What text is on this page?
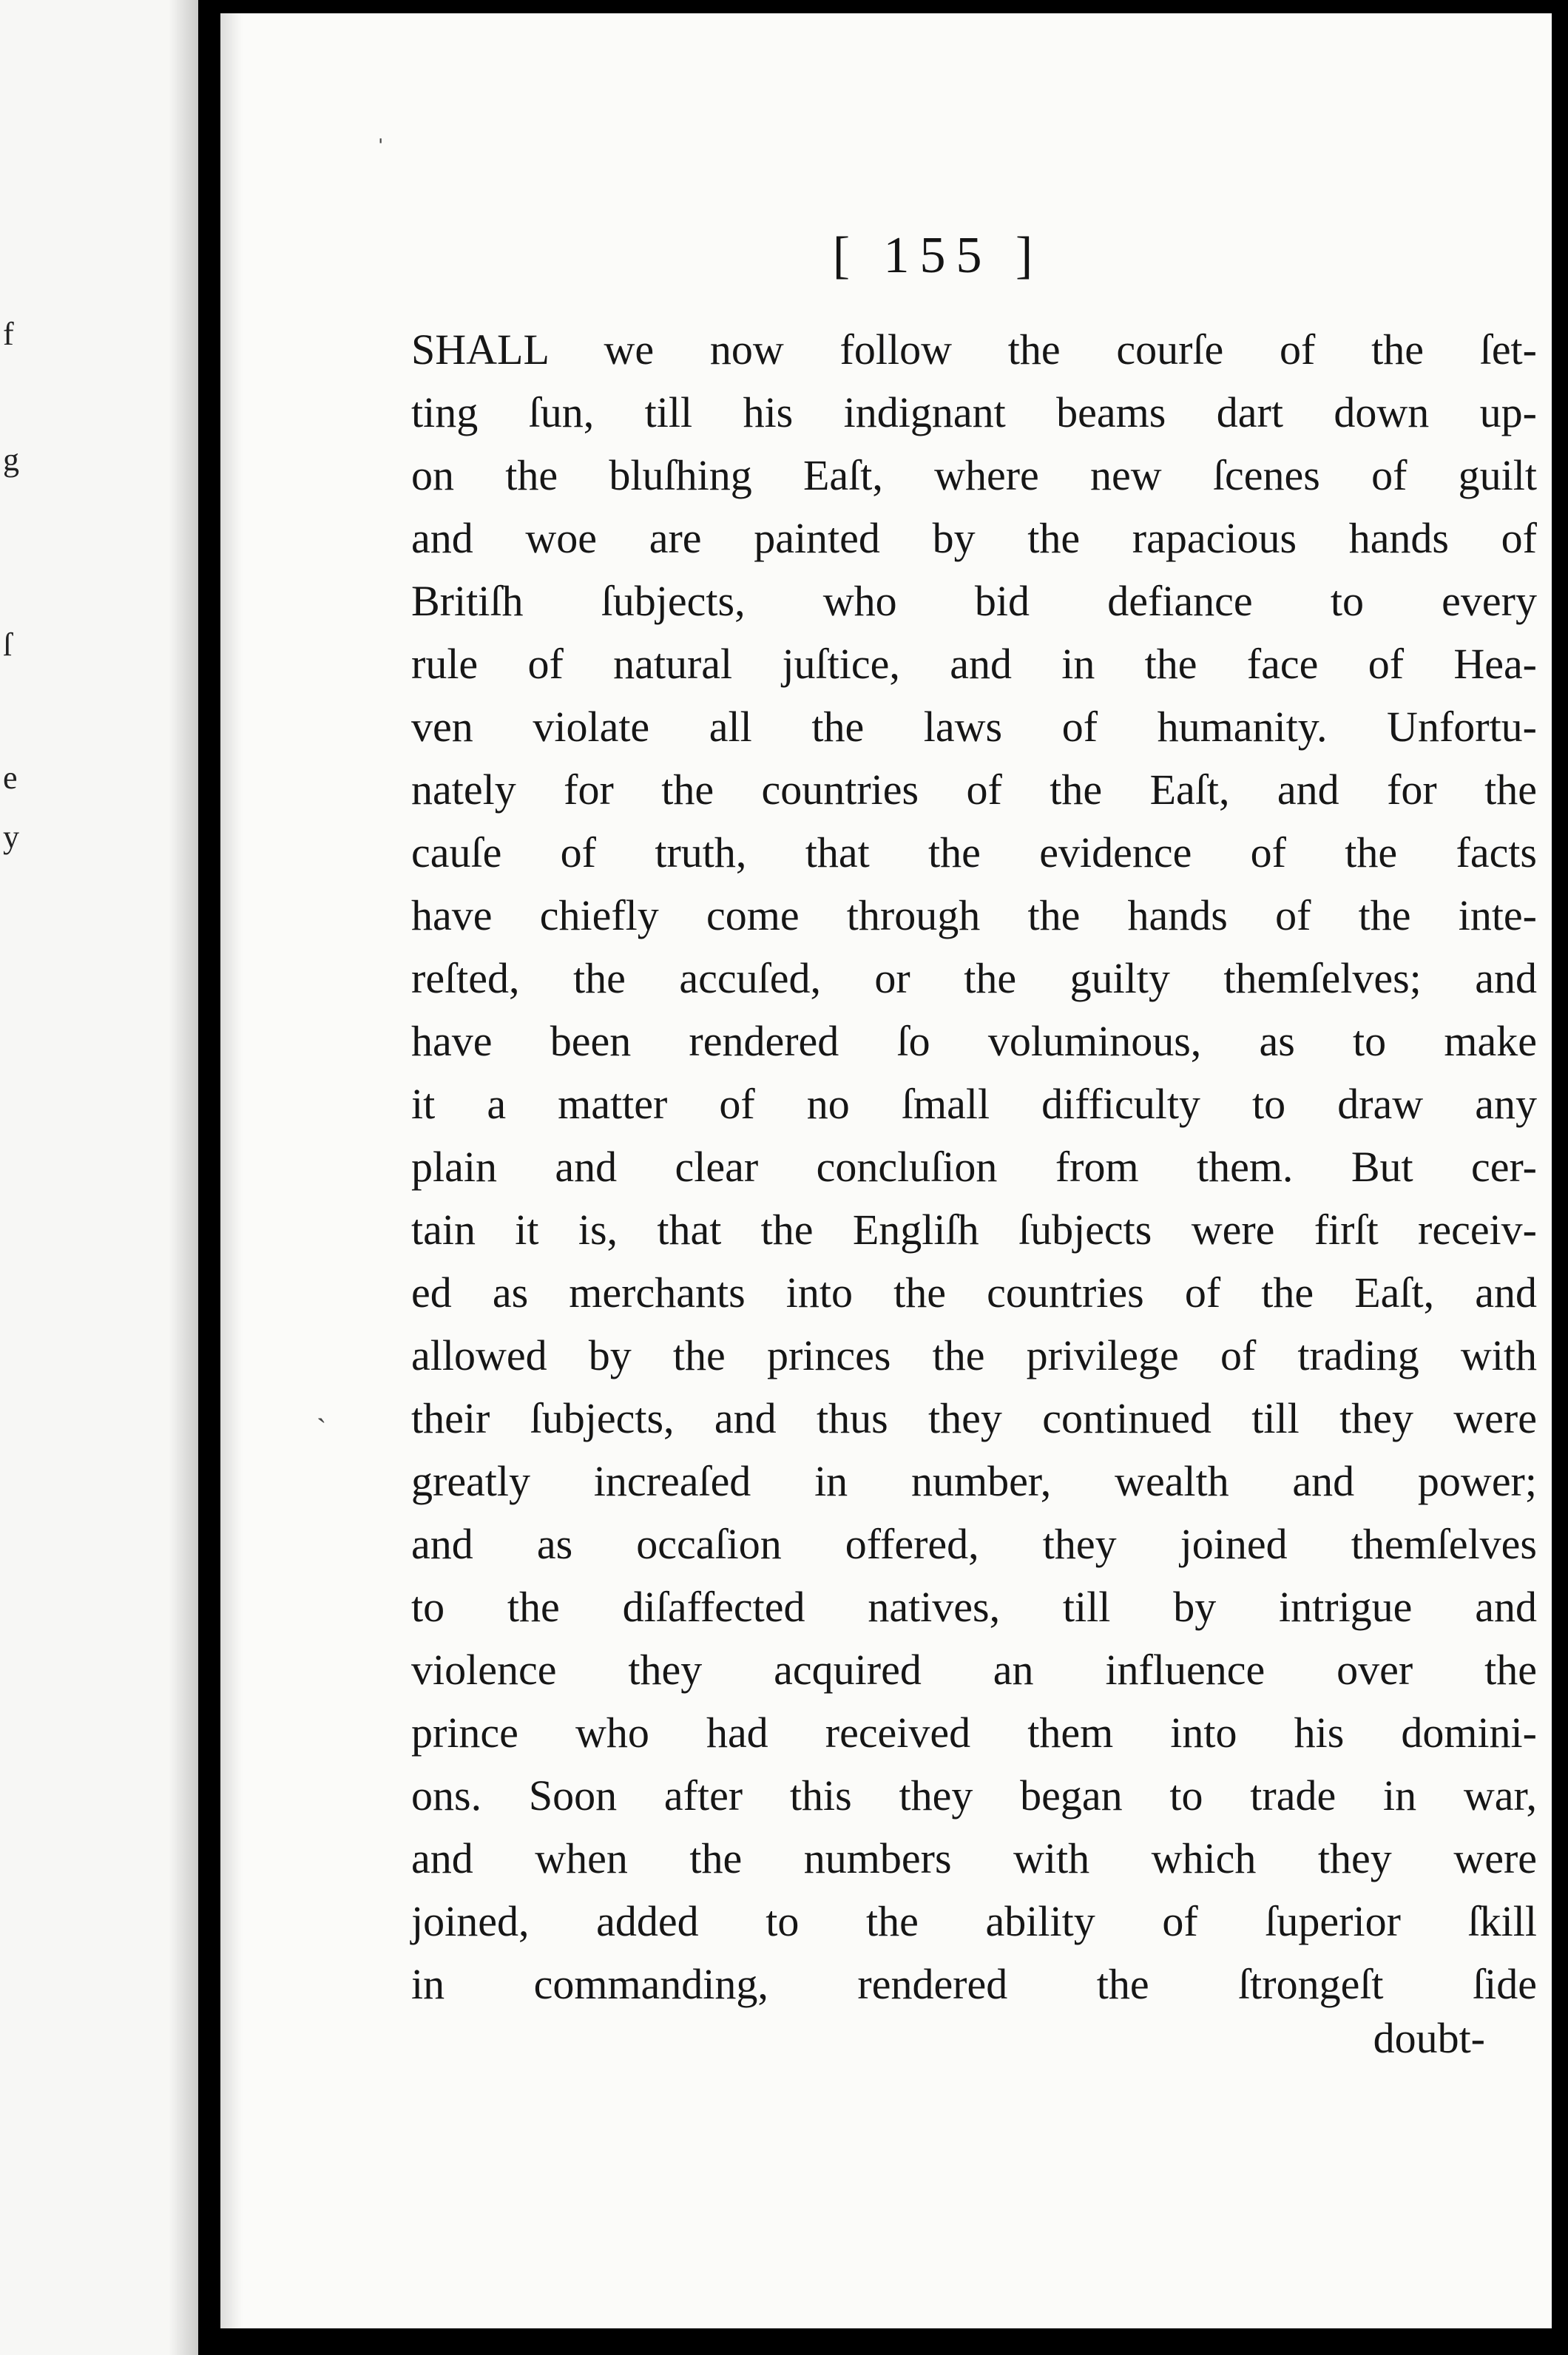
f
g
ſ
e
y
[ 155 ]
SHALL we now follow the courſe of the ſet-
ting ſun, till his indignant beams dart down up-
on the bluſhing Eaſt, where new ſcenes of guilt
and woe are painted by the rapacious hands of
Britiſh ſubjects, who bid defiance to every
rule of natural juſtice, and in the face of Hea-
ven violate all the laws of humanity. Unfortu-
nately for the countries of the Eaſt, and for the
cauſe of truth, that the evidence of the facts
have chiefly come through the hands of the inte-
reſted, the accuſed, or the guilty themſelves; and
have been rendered ſo voluminous, as to make
it a matter of no ſmall difficulty to draw any
plain and clear concluſion from them. But cer-
tain it is, that the Engliſh ſubjects were firſt receiv-
ed as merchants into the countries of the Eaſt, and
allowed by the princes the privilege of trading with
their ſubjects, and thus they continued till they were
greatly increaſed in number, wealth and power;
and as occaſion offered, they joined themſelves
to the diſaffected natives, till by intrigue and
violence they acquired an influence over the
prince who had received them into his domini-
ons. Soon after this they began to trade in war,
and when the numbers with which they were
joined, added to the ability of ſuperior ſkill
in commanding, rendered the ſtrongeſt ſide
doubt-
ˈ
ˏ
